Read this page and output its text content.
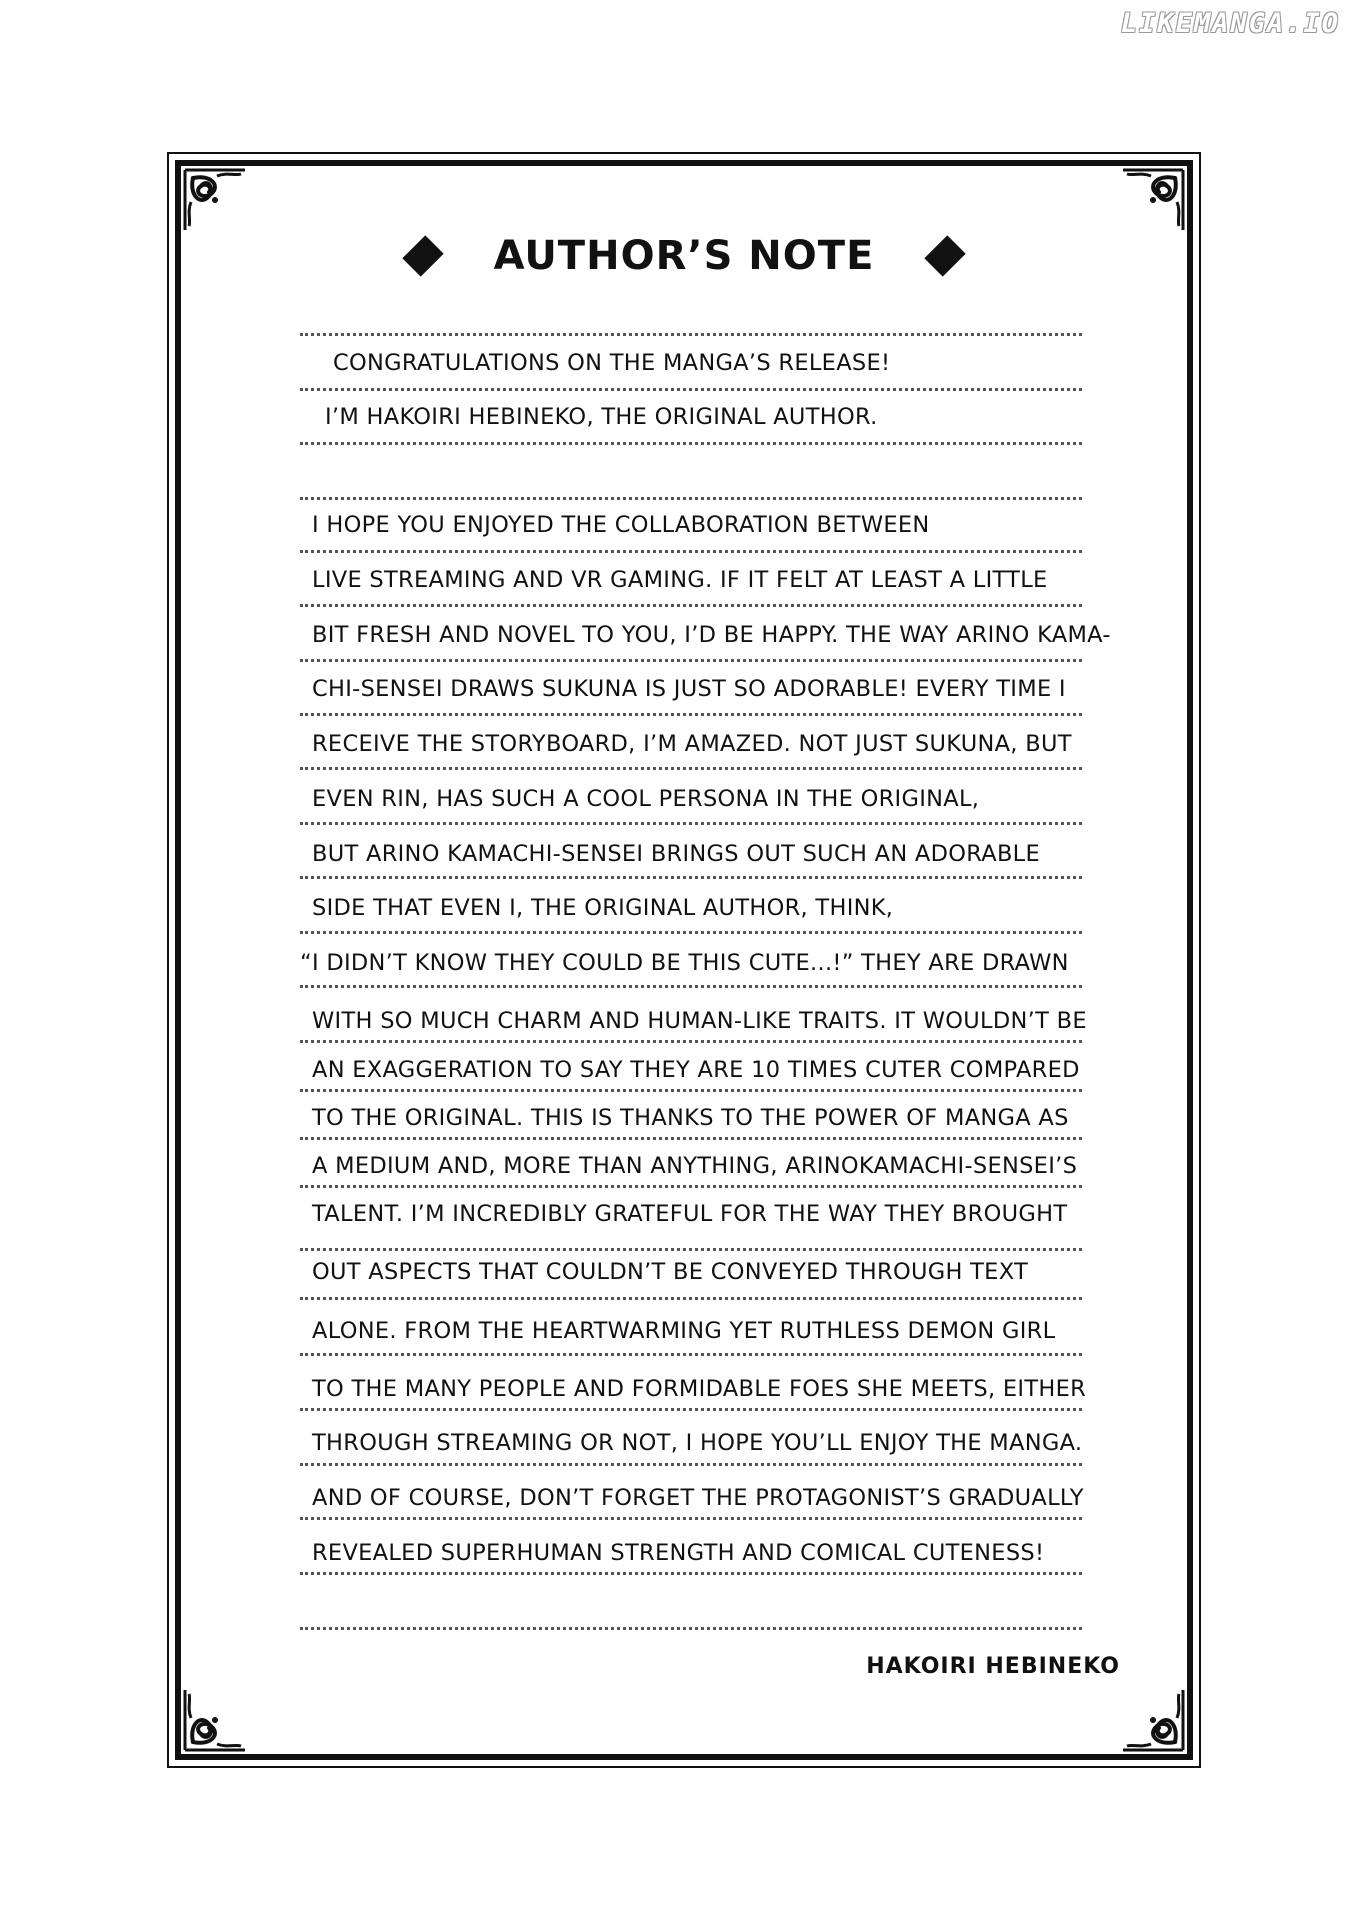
LIKEMANGA.IO
AUTHOR’S NOTE
CONGRATULATIONS ON THE MANGA’S RELEASE!
I’M HAKOIRI HEBINEKO, THE ORIGINAL AUTHOR.
I HOPE YOU ENJOYED THE COLLABORATION BETWEEN
LIVE STREAMING AND VR GAMING. IF IT FELT AT LEAST A LITTLE
BIT FRESH AND NOVEL TO YOU, I’D BE HAPPY. THE WAY ARINO KAMA-
CHI-SENSEI DRAWS SUKUNA IS JUST SO ADORABLE! EVERY TIME I
RECEIVE THE STORYBOARD, I’M AMAZED. NOT JUST SUKUNA, BUT
EVEN RIN, HAS SUCH A COOL PERSONA IN THE ORIGINAL,
BUT ARINO KAMACHI-SENSEI BRINGS OUT SUCH AN ADORABLE
SIDE THAT EVEN I, THE ORIGINAL AUTHOR, THINK,
“I DIDN’T KNOW THEY COULD BE THIS CUTE...!” THEY ARE DRAWN
WITH SO MUCH CHARM AND HUMAN-LIKE TRAITS. IT WOULDN’T BE
AN EXAGGERATION TO SAY THEY ARE 10 TIMES CUTER COMPARED
TO THE ORIGINAL. THIS IS THANKS TO THE POWER OF MANGA AS
A MEDIUM AND, MORE THAN ANYTHING, ARINOKAMACHI-SENSEI’S
TALENT. I’M INCREDIBLY GRATEFUL FOR THE WAY THEY BROUGHT
OUT ASPECTS THAT COULDN’T BE CONVEYED THROUGH TEXT
ALONE. FROM THE HEARTWARMING YET RUTHLESS DEMON GIRL
TO THE MANY PEOPLE AND FORMIDABLE FOES SHE MEETS, EITHER
THROUGH STREAMING OR NOT, I HOPE YOU’LL ENJOY THE MANGA.
AND OF COURSE, DON’T FORGET THE PROTAGONIST’S GRADUALLY
REVEALED SUPERHUMAN STRENGTH AND COMICAL CUTENESS!
HAKOIRI HEBINEKO
